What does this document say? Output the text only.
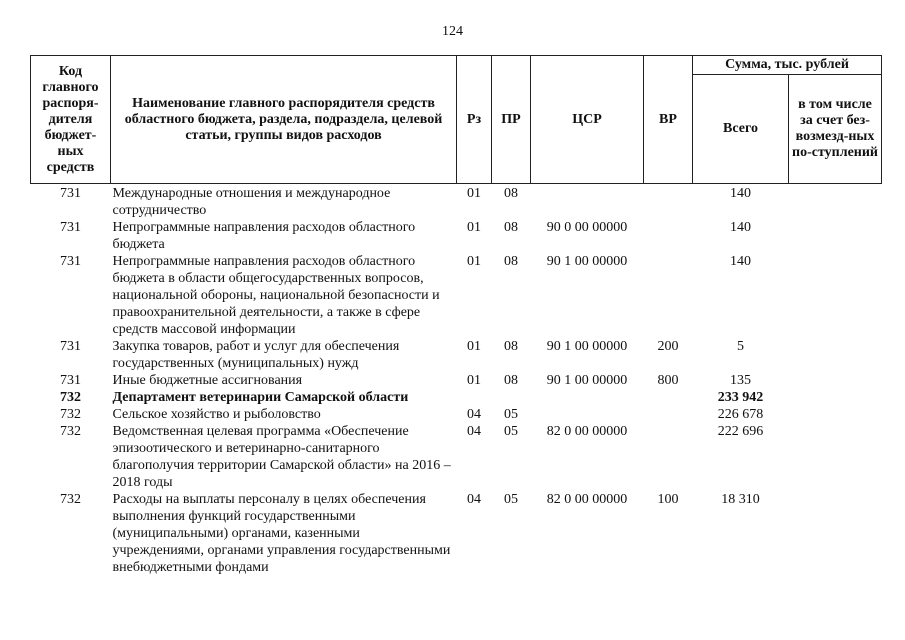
124
Код главного распоря-дителя бюджет-ных средств	Наименование главного распорядителя средств областного бюджета, раздела, подраздела, целевой статьи, группы видов расходов	Рз	ПР	ЦСР	ВР	Сумма, тыс. рублей	
						Всего	в том числе за счет без-возмезд-ных по-ступлений
731	Международные отношения и международное сотрудничество	01	08			140	
731	Непрограммные направления расходов областного бюджета	01	08	90 0 00 00000		140	
731	Непрограммные направления расходов областного бюджета в области общегосударственных вопросов, национальной обороны, национальной безопасности и правоохранительной деятельности, а также в сфере средств массовой информации	01	08	90 1 00 00000		140	
731	Закупка товаров, работ и услуг для обеспечения государственных (муниципальных) нужд	01	08	90 1 00 00000	200	5	
731	Иные бюджетные ассигнования	01	08	90 1 00 00000	800	135	
732	Департамент ветеринарии Самарской области					233 942	
732	Сельское хозяйство и рыболовство	04	05			226 678	
732	Ведомственная целевая программа «Обеспечение эпизоотического и ветеринарно-санитарного благополучия территории Самарской области» на 2016 – 2018 годы	04	05	82 0 00 00000		222 696	
732	Расходы на выплаты персоналу в целях обеспечения выполнения функций государственными (муниципальными) органами, казенными учреждениями, органами управления государственными внебюджетными фондами	04	05	82 0 00 00000	100	18 310	
